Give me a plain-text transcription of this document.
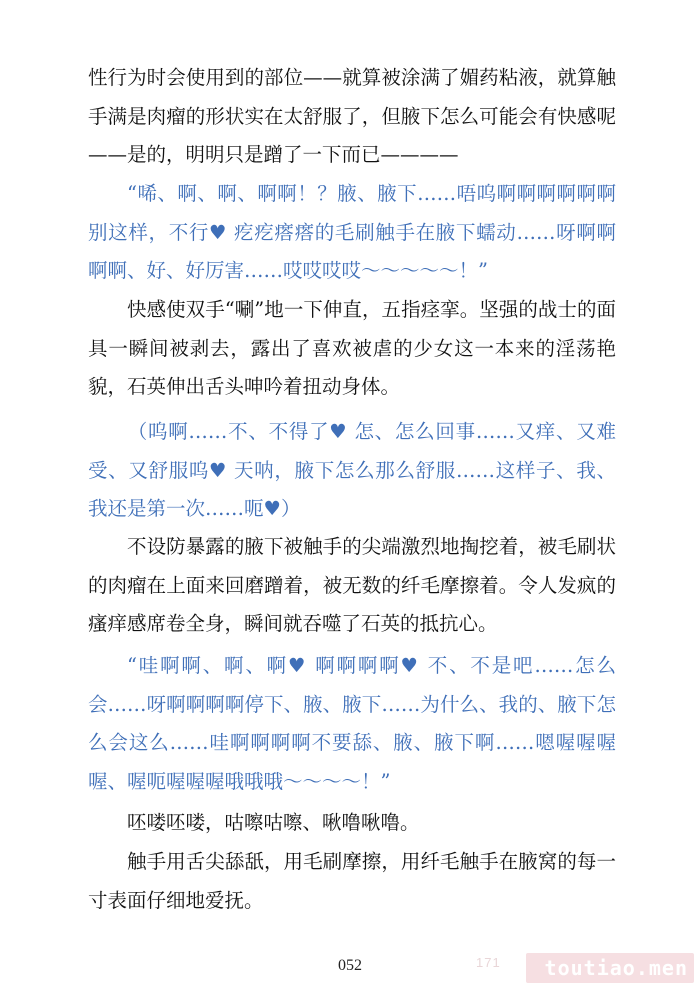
性行为时会使用到的部位——就算被涂满了媚药粘液，就算触手满是肉瘤的形状实在太舒服了，但腋下怎么可能会有快感呢——是的，明明只是蹭了一下而已————

“唏、啊、啊、啊啊！？腋、腋下……唔呜啊啊啊啊啊啊别这样，不行♥ 疙疙瘩瘩的毛刷触手在腋下蠕动……呀啊啊啊啊、好、好厉害……哎哎哎哎～～～～～！”

快感使双手“唰”地一下伸直，五指痉挛。坚强的战士的面具一瞬间被剥去，露出了喜欢被虐的少女这一本来的淫荡艳貌，石英伸出舌头呻吟着扭动身体。

（呜啊……不、不得了♥ 怎、怎么回事……又痒、又难受、又舒服呜♥ 天呐，腋下怎么那么舒服……这样子、我、我还是第一次……呃♥）

不设防暴露的腋下被触手的尖端激烈地掏挖着，被毛刷状的肉瘤在上面来回磨蹭着，被无数的纤毛摩擦着。令人发疯的瘙痒感席卷全身，瞬间就吞噬了石英的抵抗心。

“哇啊啊、啊、啊♥ 啊啊啊啊♥ 不、不是吧……怎么会……呀啊啊啊啊停下、腋、腋下……为什么、我的、腋下怎么会这么……哇啊啊啊啊不要舔、腋、腋下啊……嗯喔喔喔喔、喔呃喔喔喔哦哦哦～～～～！”

呸喽呸喽，咕嚓咕嚓、啾噜啾噜。

触手用舌尖舔舐，用毛刷摩擦，用纤毛触手在腋窝的每一寸表面仔细地爱抚。

052	171 toutiao.men
